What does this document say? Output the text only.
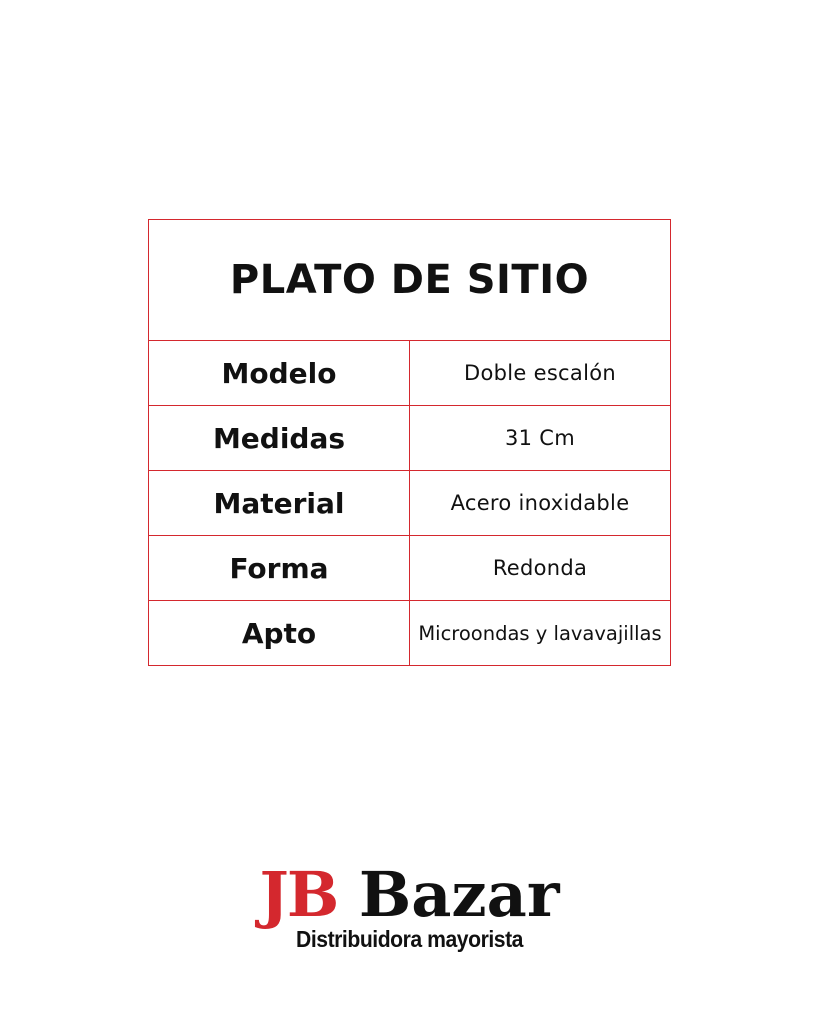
PLATO DE SITIO	
Modelo	Doble escalón
Medidas	31 Cm
Material	Acero inoxidable
Forma	Redonda
Apto	Microondas y lavavajillas
JB Bazar
Distribuidora mayorista
